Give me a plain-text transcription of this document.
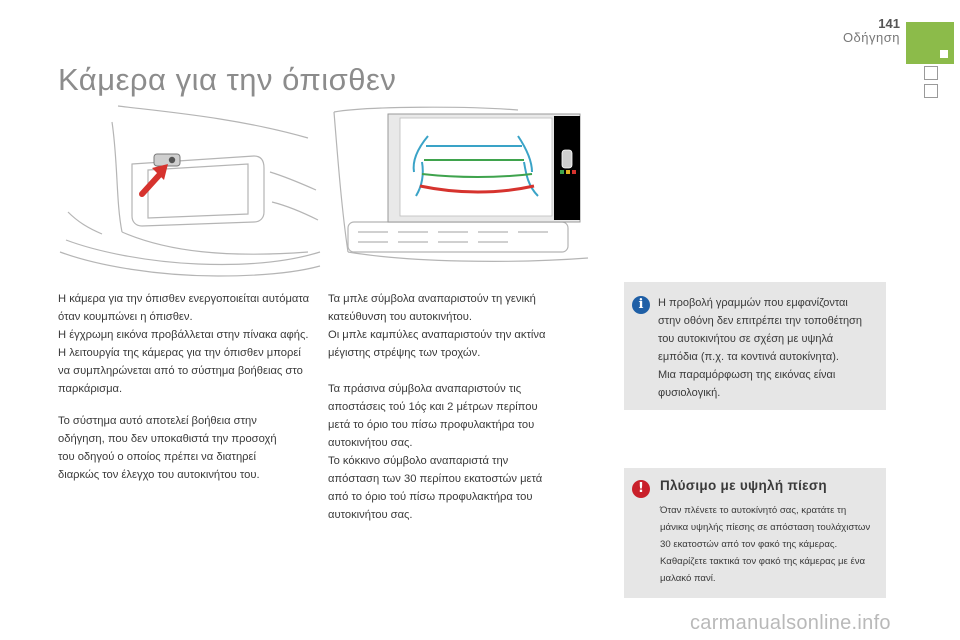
141
Οδήγηση
Κάμερα για την όπισθεν

Η κάμερα για την όπισθεν ενεργοποιείται αυτόματα

όταν κουμπώνει η όπισθεν.

Η έγχρωμη εικόνα προβάλλεται στην πίνακα αφής.

Η λειτουργία της κάμερας για την όπισθεν μπορεί

να συμπληρώνεται από το σύστημα βοήθειας στο

παρκάρισμα.

Το σύστημα αυτό αποτελεί βοήθεια στην

οδήγηση, που δεν υποκαθιστά την προσοχή

του οδηγού ο οποίος πρέπει να διατηρεί

διαρκώς τον έλεγχο του αυτοκινήτου του.

Τα μπλε σύμβολα αναπαριστούν τη γενική

κατεύθυνση του αυτοκινήτου.

Οι μπλε καμπύλες αναπαριστούν την ακτίνα

μέγιστης στρέψης των τροχών.

Τα πράσινα σύμβολα αναπαριστούν τις

αποστάσεις τού 1όç και 2 μέτρων περίπου

μετά το όριο του πίσω προφυλακτήρα του

αυτοκινήτου σας.

Το κόκκινο σύμβολο αναπαριστά την

απόσταση των 30 περίπου εκατοστών μετά

από το όριο τού πίσω προφυλακτήρα του

αυτοκινήτου σας.

i	Η προβολή γραμμών που εμφανίζονται

στην οθόνη δεν επιτρέπει την τοποθέτηση

του αυτοκινήτου σε σχέση με υψηλά

εμπόδια (π.χ. τα κοντινά αυτοκίνητα).

Μια παραμόρφωση της εικόνας είναι

φυσιολογική.

!	Πλύσιμο με υψηλή πίεση

Όταν πλένετε το αυτοκίνητό σας, κρατάτε τη

μάνικα υψηλής πίεσης σε απόσταση τουλάχιστων

30 εκατοστών από τον φακό της κάμερας.

Καθαρίζετε τακτικά τον φακό της κάμερας με ένα

μαλακό πανί.

carmanualsonline.info
